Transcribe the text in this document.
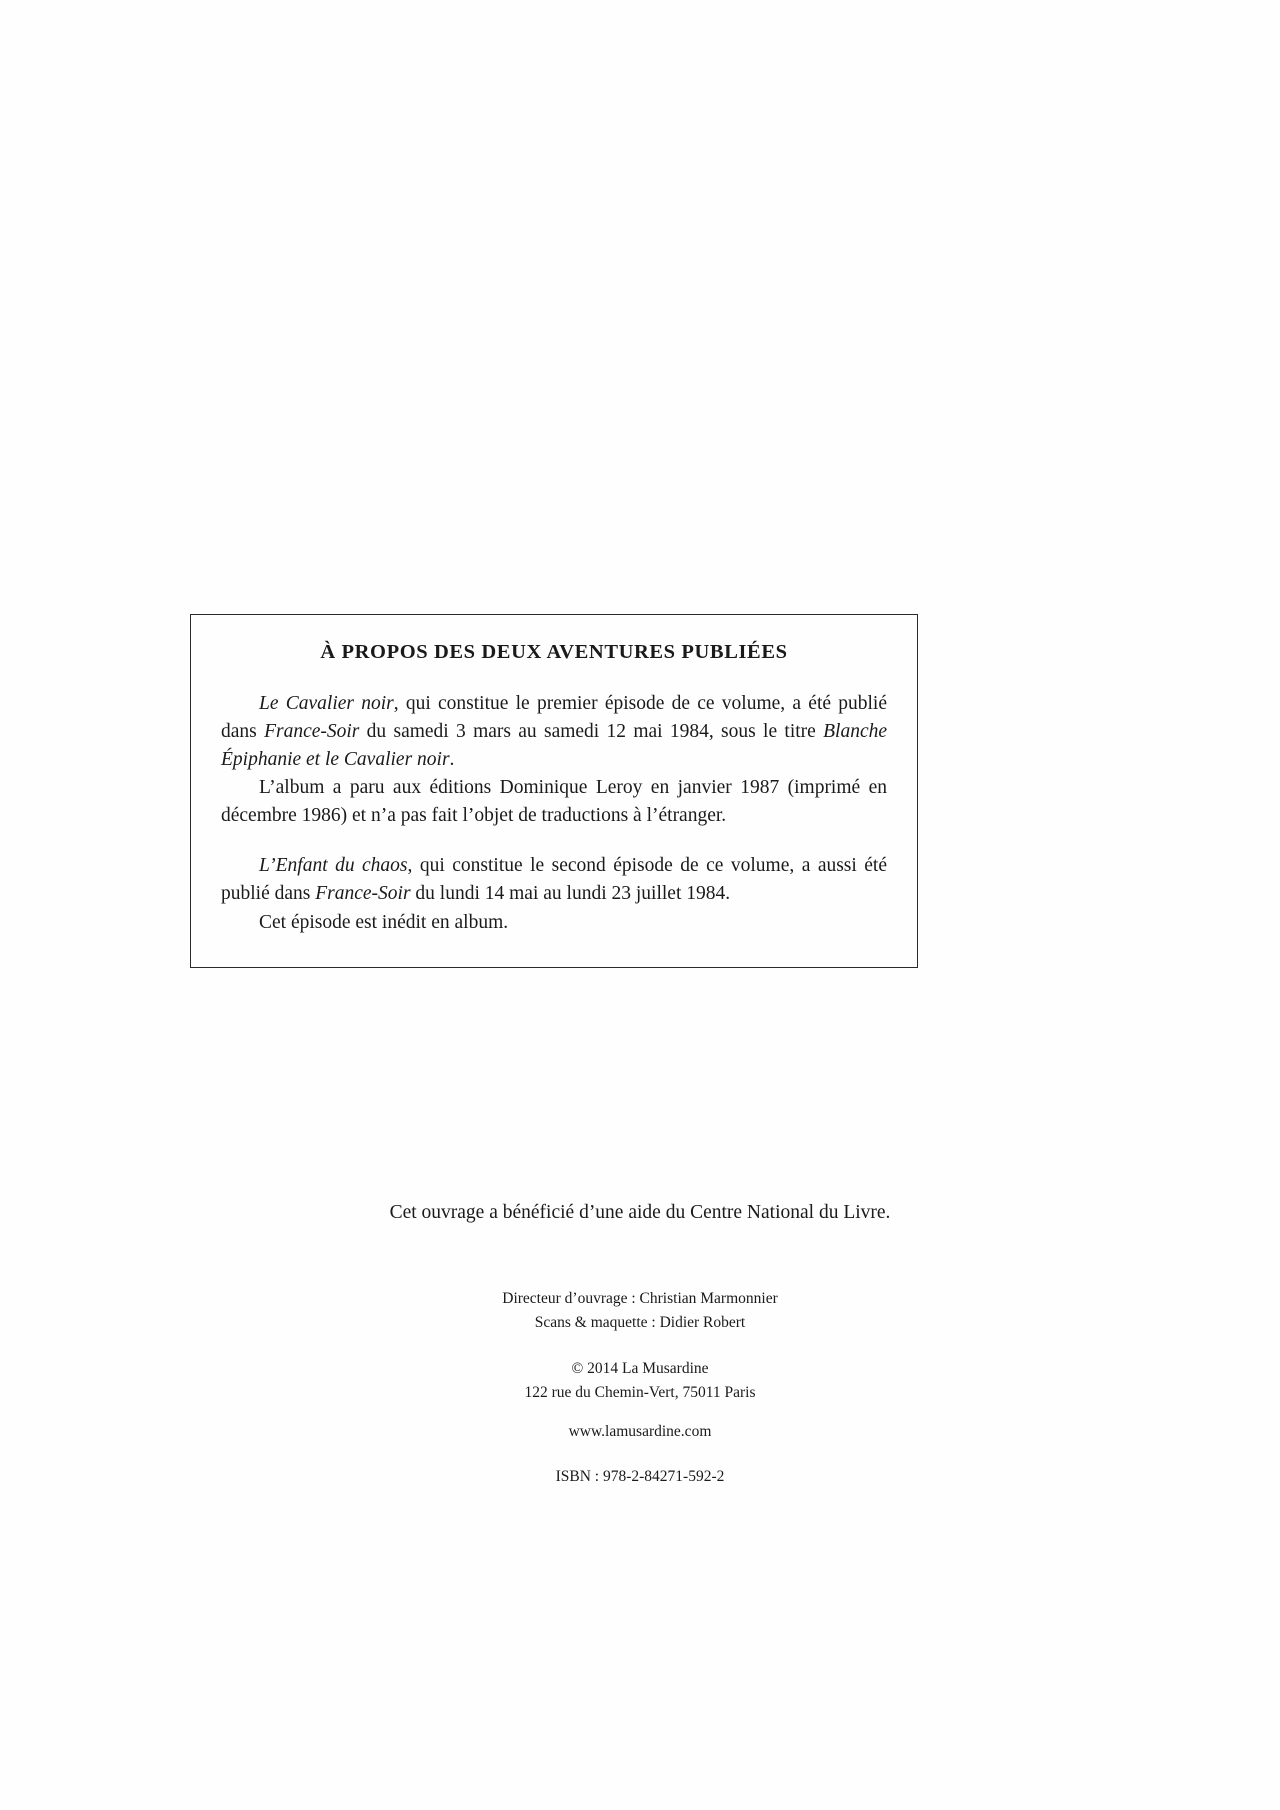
À PROPOS DES DEUX AVENTURES PUBLIÉES

Le Cavalier noir, qui constitue le premier épisode de ce volume, a été publié dans France-Soir du samedi 3 mars au samedi 12 mai 1984, sous le titre Blanche Épiphanie et le Cavalier noir.

L’album a paru aux éditions Dominique Leroy en janvier 1987 (imprimé en décembre 1986) et n’a pas fait l’objet de traductions à l’étranger.

L’Enfant du chaos, qui constitue le second épisode de ce volume, a aussi été publié dans France-Soir du lundi 14 mai au lundi 23 juillet 1984.

Cet épisode est inédit en album.

Cet ouvrage a bénéficié d’une aide du Centre National du Livre.
Directeur d’ouvrage : Christian Marmonnier
Scans & maquette : Didier Robert
© 2014 La Musardine
122 rue du Chemin-Vert, 75011 Paris
www.lamusardine.com
ISBN : 978-2-84271-592-2
